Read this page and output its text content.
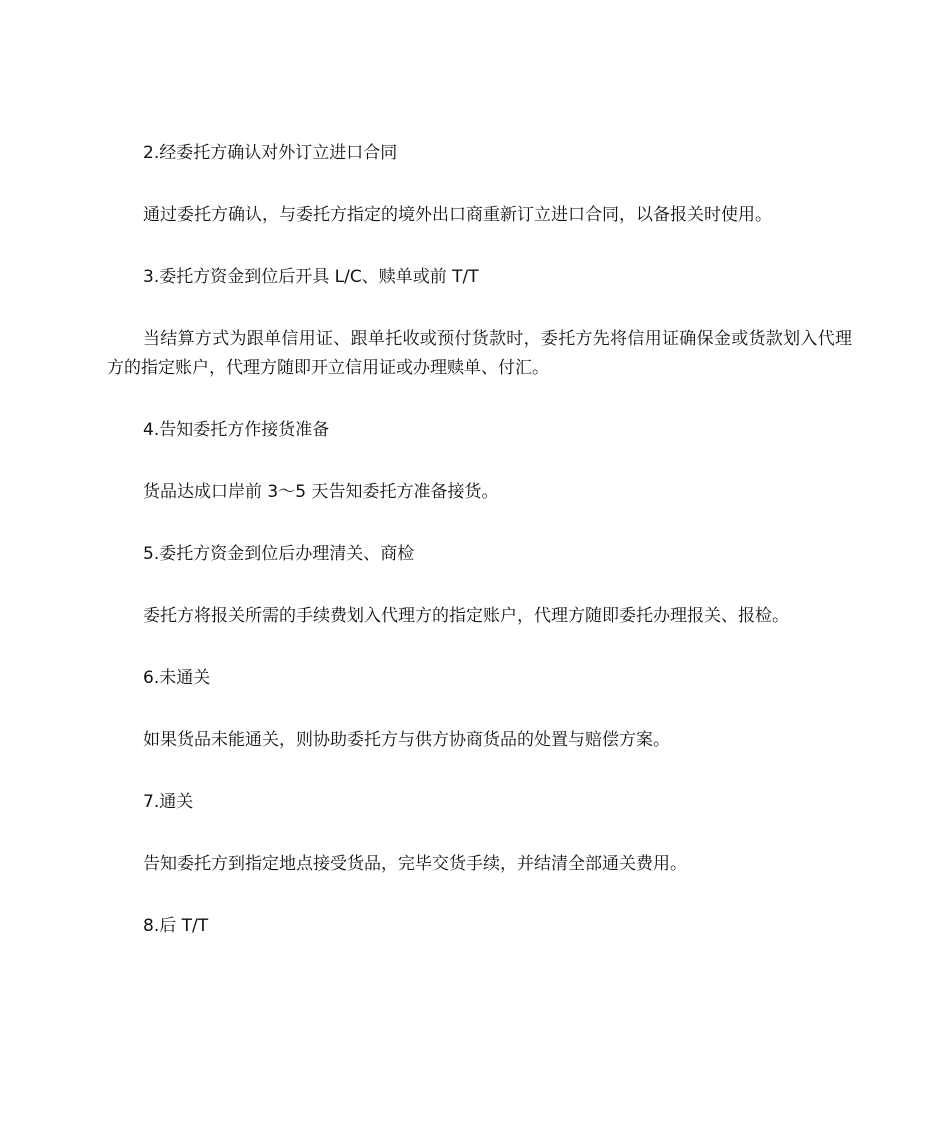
2.经委托方确认对外订立进口合同

通过委托方确认，与委托方指定的境外出口商重新订立进口合同，以备报关时使用。

3.委托方资金到位后开具 L/C、赎单或前 T/T

当结算方式为跟单信用证、跟单托收或预付货款时，委托方先将信用证确保金或货款划入代理方的指定账户，代理方随即开立信用证或办理赎单、付汇。

4.告知委托方作接货准备

货品达成口岸前 3～5 天告知委托方准备接货。

5.委托方资金到位后办理清关、商检

委托方将报关所需的手续费划入代理方的指定账户，代理方随即委托办理报关、报检。

6.未通关

如果货品未能通关，则协助委托方与供方协商货品的处置与赔偿方案。

7.通关

告知委托方到指定地点接受货品，完毕交货手续，并结清全部通关费用。

8.后 T/T
